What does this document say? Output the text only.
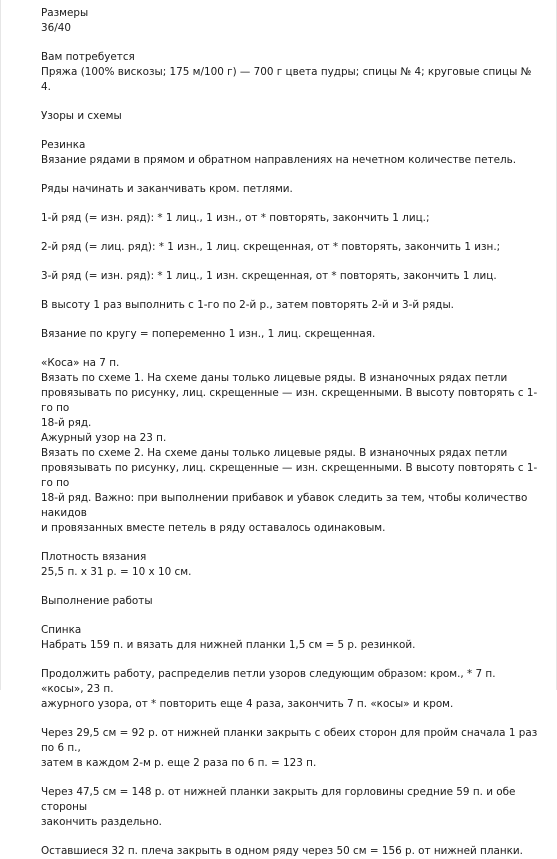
Размеры

36/40

Вам потребуется

Пряжа (100% вискозы; 175 м/100 г) — 700 г цвета пудры; спицы № 4; круговые спицы № 4.

Узоры и схемы

Резинка

Вязание рядами в прямом и обратном направлениях на нечетном количестве петель.

Ряды начинать и заканчивать кром. петлями.

1-й ряд (= изн. ряд): * 1 лиц., 1 изн., от * повторять, закончить 1 лиц.;

2-й ряд (= лиц. ряд): * 1 изн., 1 лиц. скрещенная, от * повторять, закончить 1 изн.;

3-й ряд (= изн. ряд): * 1 лиц., 1 изн. скрещенная, от * повторять, закончить 1 лиц.

В высоту 1 раз выполнить с 1-го по 2-й р., затем повторять 2-й и 3-й ряды.

Вязание по кругу = попеременно 1 изн., 1 лиц. скрещенная.

«Коса» на 7 п.

Вязать по схеме 1. На схеме даны только лицевые ряды. В изнаночных рядах петли

провязывать по рисунку, лиц. скрещенные — изн. скрещенными. В высоту повторять с 1-го по

18-й ряд.

Ажурный узор на 23 п.

Вязать по схеме 2. На схеме даны только лицевые ряды. В изнаночных рядах петли

провязывать по рисунку, лиц. скрещенные — изн. скрещенными. В высоту повторять с 1-го по

18-й ряд. Важно: при выполнении прибавок и убавок следить за тем, чтобы количество накидов

и провязанных вместе петель в ряду оставалось одинаковым.

Плотность вязания

25,5 п. х 31 р. = 10 х 10 см.

Выполнение работы

Спинка

Набрать 159 п. и вязать для нижней планки 1,5 см = 5 р. резинкой.

Продолжить работу, распределив петли узоров следующим образом: кром., * 7 п. «косы», 23 п.

ажурного узора, от * повторить еще 4 раза, закончить 7 п. «косы» и кром.

Через 29,5 см = 92 р. от нижней планки закрыть с обеих сторон для пройм сначала 1 раз по 6 п.,

затем в каждом 2-м р. еще 2 раза по 6 п. = 123 п.

Через 47,5 см = 148 р. от нижней планки закрыть для горловины средние 59 п. и обе стороны

закончить раздельно.

Оставшиеся 32 п. плеча закрыть в одном ряду через 50 см = 156 р. от нижней планки.
